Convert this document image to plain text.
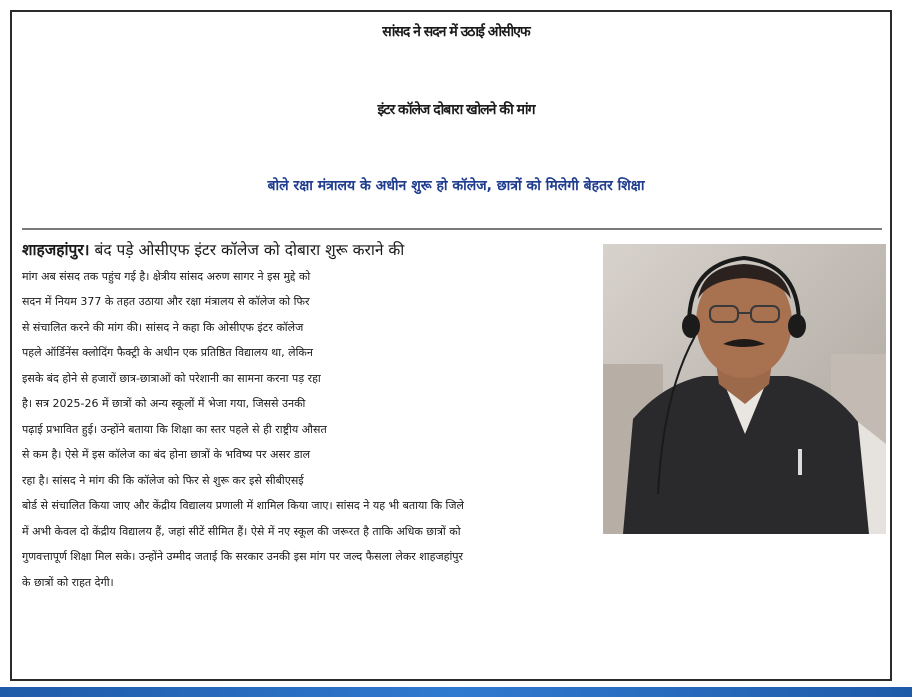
सांसद ने सदन में उठाई ओसीएफ
इंटर कॉलेज दोबारा खोलने की मांग
बोले रक्षा मंत्रालय के अधीन शुरू हो कॉलेज, छात्रों को मिलेगी बेहतर शिक्षा
शाहजहांपुर। बंद पड़े ओसीएफ इंटर कॉलेज को दोबारा शुरू कराने की
मांग अब संसद तक पहुंच गई है। क्षेत्रीय सांसद अरुण सागर ने इस मुद्दे को
सदन में नियम 377 के तहत उठाया और रक्षा मंत्रालय से कॉलेज को फिर
से संचालित करने की मांग की। सांसद ने कहा कि ओसीएफ इंटर कॉलेज
पहले ऑर्डिनेंस क्लोदिंग फैक्ट्री के अधीन एक प्रतिष्ठित विद्यालय था, लेकिन
इसके बंद होने से हजारों छात्र-छात्राओं को परेशानी का सामना करना पड़ रहा
है। सत्र 2025-26 में छात्रों को अन्य स्कूलों में भेजा गया, जिससे उनकी
पढ़ाई प्रभावित हुई। उन्होंने बताया कि शिक्षा का स्तर पहले से ही राष्ट्रीय औसत
से कम है। ऐसे में इस कॉलेज का बंद होना छात्रों के भविष्य पर असर डाल
रहा है। सांसद ने मांग की कि कॉलेज को फिर से शुरू कर इसे सीबीएसई
बोर्ड से संचालित किया जाए और केंद्रीय विद्यालय प्रणाली में शामिल किया जाए। सांसद ने यह भी बताया कि जिले
में अभी केवल दो केंद्रीय विद्यालय हैं, जहां सीटें सीमित हैं। ऐसे में नए स्कूल की जरूरत है ताकि अधिक छात्रों को
गुणवत्तापूर्ण शिक्षा मिल सके। उन्होंने उम्मीद जताई कि सरकार उनकी इस मांग पर जल्द फैसला लेकर शाहजहांपुर
के छात्रों को राहत देगी।
